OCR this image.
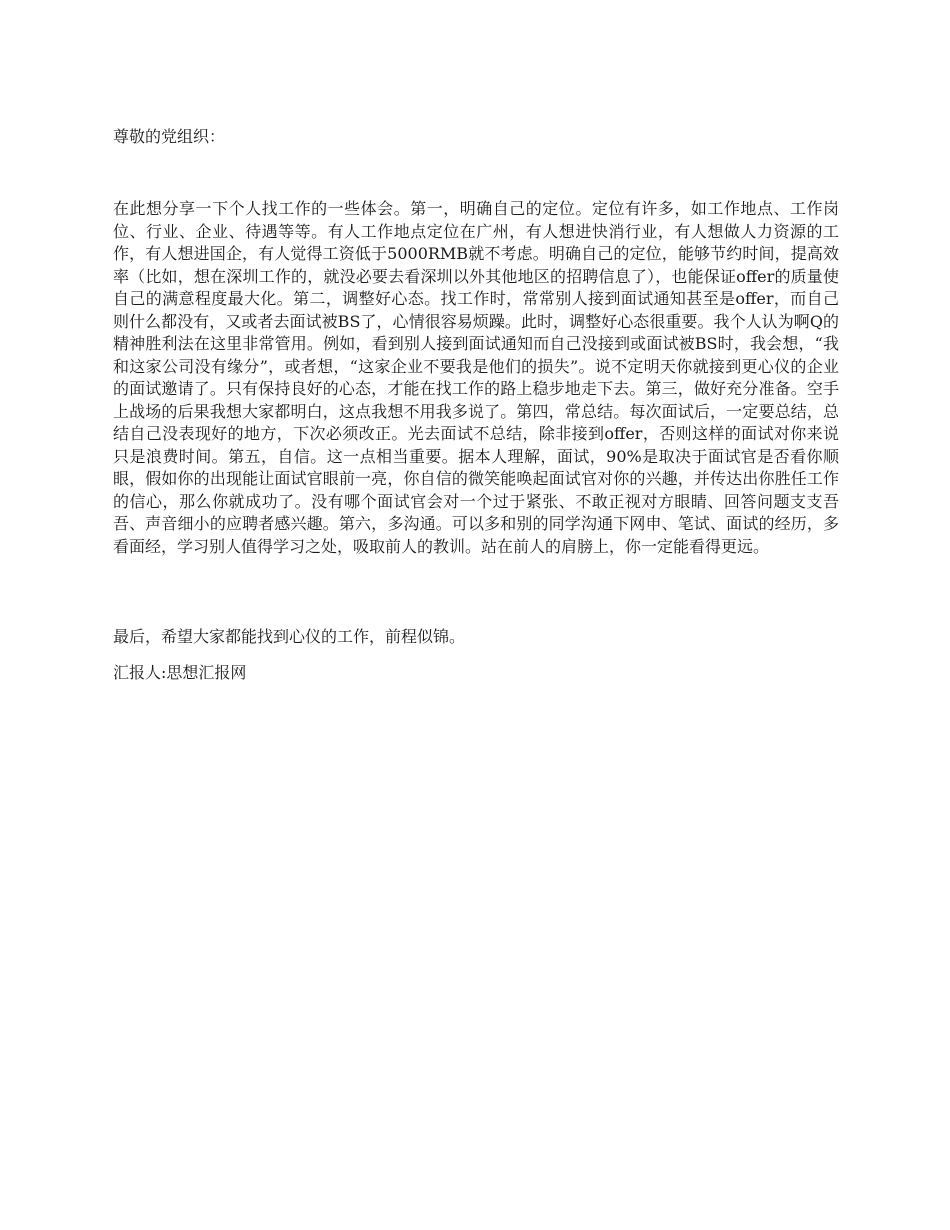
尊敬的党组织：

在此想分享一下个人找工作的一些体会。第一，明确自己的定位。定位有许多，如工作地点、工作岗位、行业、企业、待遇等等。有人工作地点定位在广州，有人想进快消行业，有人想做人力资源的工作，有人想进国企，有人觉得工资低于5000RMB就不考虑。明确自己的定位，能够节约时间，提高效率（比如，想在深圳工作的，就没必要去看深圳以外其他地区的招聘信息了），也能保证offer的质量使自己的满意程度最大化。第二，调整好心态。找工作时，常常别人接到面试通知甚至是offer，而自己则什么都没有，又或者去面试被BS了，心情很容易烦躁。此时，调整好心态很重要。我个人认为啊Q的精神胜利法在这里非常管用。例如，看到别人接到面试通知而自己没接到或面试被BS时，我会想，“我和这家公司没有缘分”，或者想，“这家企业不要我是他们的损失”。说不定明天你就接到更心仪的企业的面试邀请了。只有保持良好的心态，才能在找工作的路上稳步地走下去。第三，做好充分准备。空手上战场的后果我想大家都明白，这点我想不用我多说了。第四，常总结。每次面试后，一定要总结，总结自己没表现好的地方，下次必须改正。光去面试不总结，除非接到offer，否则这样的面试对你来说只是浪费时间。第五，自信。这一点相当重要。据本人理解，面试，90%是取决于面试官是否看你顺眼，假如你的出现能让面试官眼前一亮，你自信的微笑能唤起面试官对你的兴趣，并传达出你胜任工作的信心，那么你就成功了。没有哪个面试官会对一个过于紧张、不敢正视对方眼睛、回答问题支支吾吾、声音细小的应聘者感兴趣。第六，多沟通。可以多和别的同学沟通下网申、笔试、面试的经历，多看面经，学习别人值得学习之处，吸取前人的教训。站在前人的肩膀上，你一定能看得更远。

最后，希望大家都能找到心仪的工作，前程似锦。

汇报人:思想汇报网
